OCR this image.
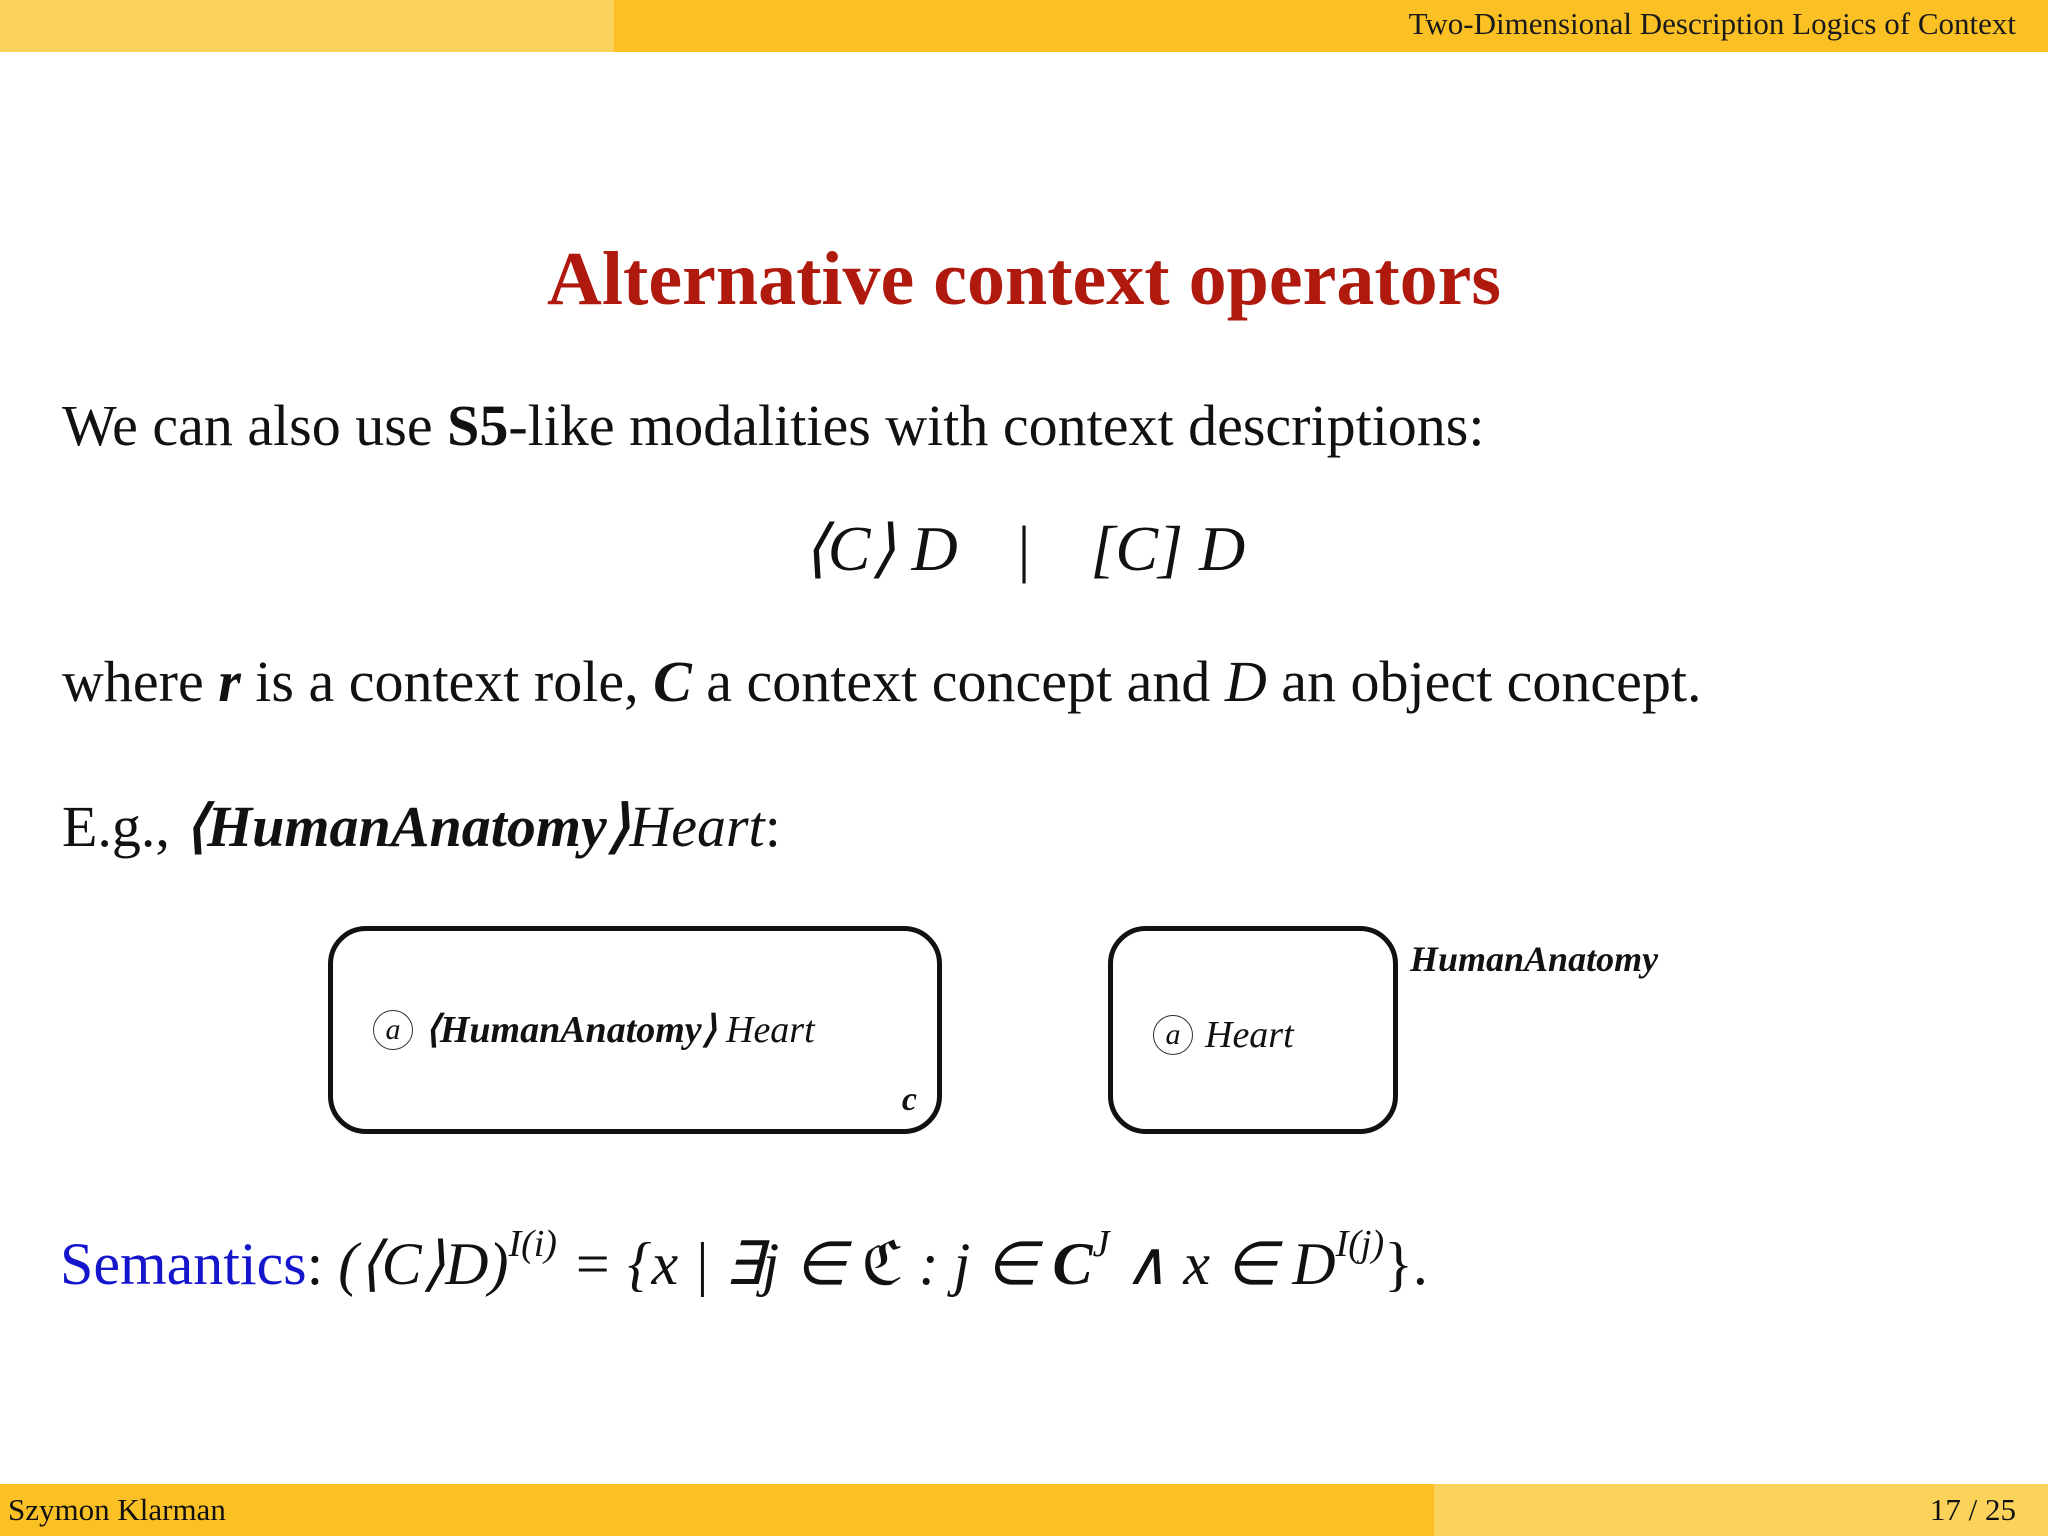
Two-Dimensional Description Logics of Context
Alternative context operators
We can also use S5-like modalities with context descriptions:
⟨C⟩ D | [C] D
where r is a context role, C a context concept and D an object concept.
E.g., ⟨HumanAnatomy⟩Heart:
a ⟨HumanAnatomy⟩
Heart
c
a Heart
HumanAnatomy
Semantics: (⟨C⟩D)$^{I(i)}$ = {x | ∃j ∈ ℭ : j ∈ $C^J$ ∧ x ∈ $D^{I(j)}$}.
Szymon Klarman	17 / 25
